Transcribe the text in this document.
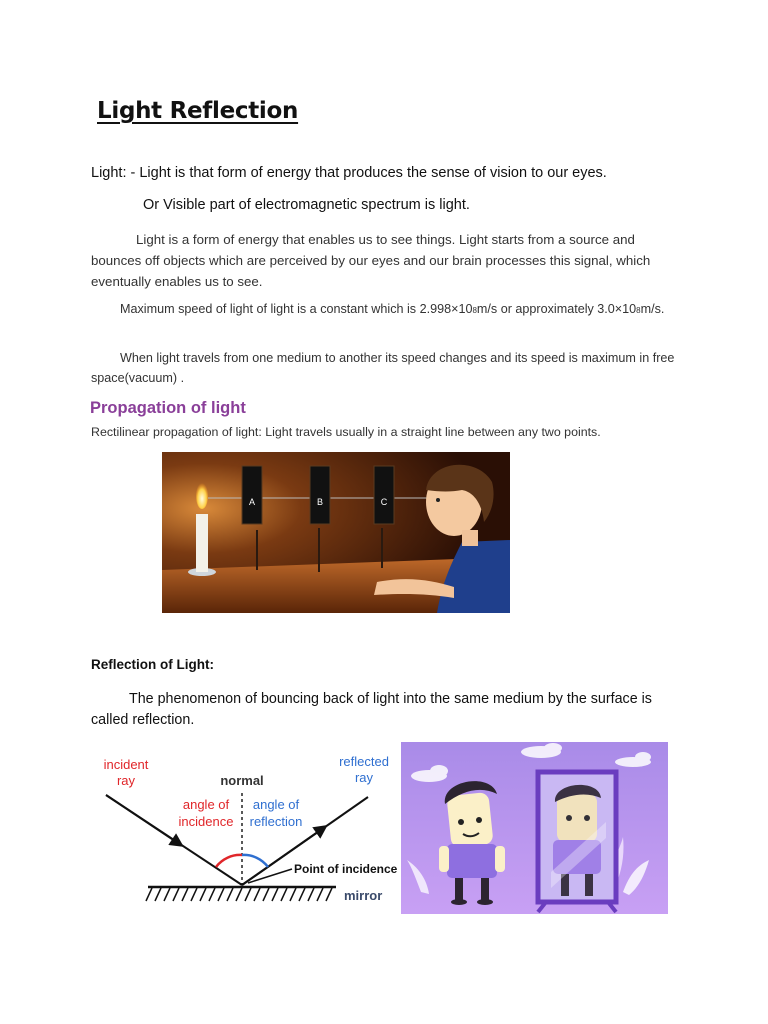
Light Reflection

Light: - Light is that form of energy that produces the sense of vision to our eyes.

Or Visible part of electromagnetic spectrum is light.

Light is a form of energy that enables us to see things. Light starts from a source and bounces off objects which are perceived by our eyes and our brain processes this signal, which eventually enables us to see.

Maximum speed of light of light is a constant which is 2.998×108m/s or approximately 3.0×108m/s.

When light travels from one medium to another its speed changes and its speed is maximum in free space(vacuum) .

Propagation of light

Rectilinear propagation of light: Light travels usually in a straight line between any two points.

A	B	C
Reflection of Light:

The phenomenon of bouncing back of light into the same medium by the surface is called reflection.

incident
ray	normal
reflected
ray
angle of
incidence
angle of
reflection
Point of incidence
mirror
